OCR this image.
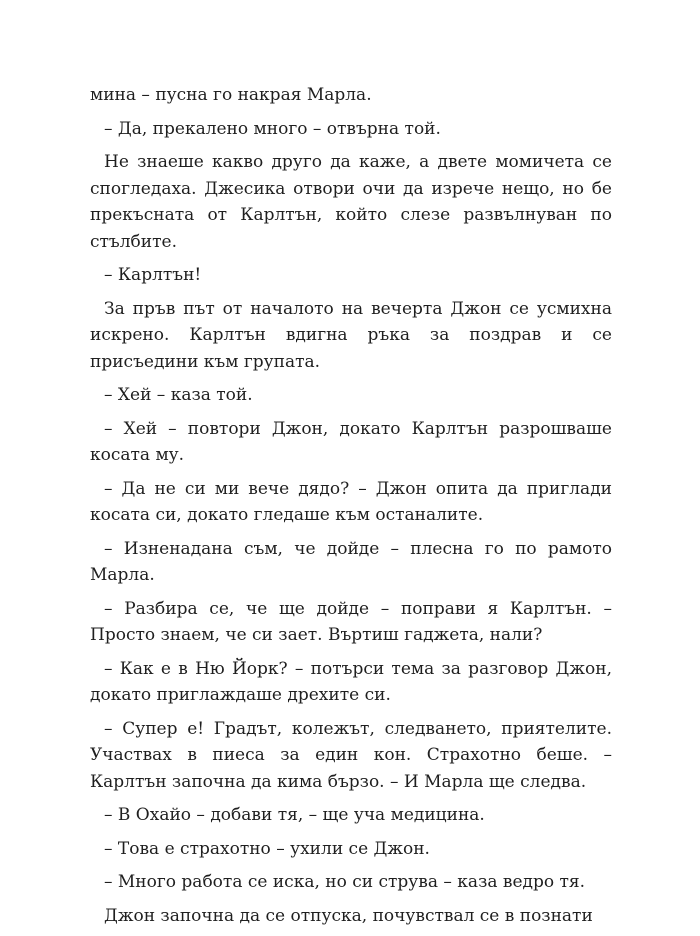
мина – пусна го накрая Марла.

– Да, прекалено много – отвърна той.

Не знаеше какво друго да каже, а двете момичета се спогледаха. Джесика отвори очи да изрече нещо, но бе прекъсната от Карлтън, който слезе развълнуван по стълбите.

– Карлтън!

За пръв път от началото на вечерта Джон се усмихна искрено. Карлтън вдигна ръка за поздрав и се присъедини към групата.

– Хей – каза той.

– Хей – повтори Джон, докато Карлтън разрошваше косата му.

– Да не си ми вече дядо? – Джон опита да приглади косата си, докато гледаше към останалите.

– Изненадана съм, че дойде – плесна го по рамото Марла.

– Разбира се, че ще дойде – поправи я Карлтън. – Просто знаем, че си зает. Въртиш гаджета, нали?

– Как е в Ню Йорк? – потърси тема за разговор Джон, докато приглаждаше дрехите си.

– Супер е! Градът, колежът, следването, приятелите. Участвах в пиеса за един кон. Страхотно беше. – Карлтън започна да кима бързо. – И Марла ще следва.

– В Охайо – добави тя, – ще уча медицина.

– Това е страхотно – ухили се Джон.

– Много работа се иска, но си струва – каза ведро тя.

Джон започна да се отпуска, почувствал се в познати
